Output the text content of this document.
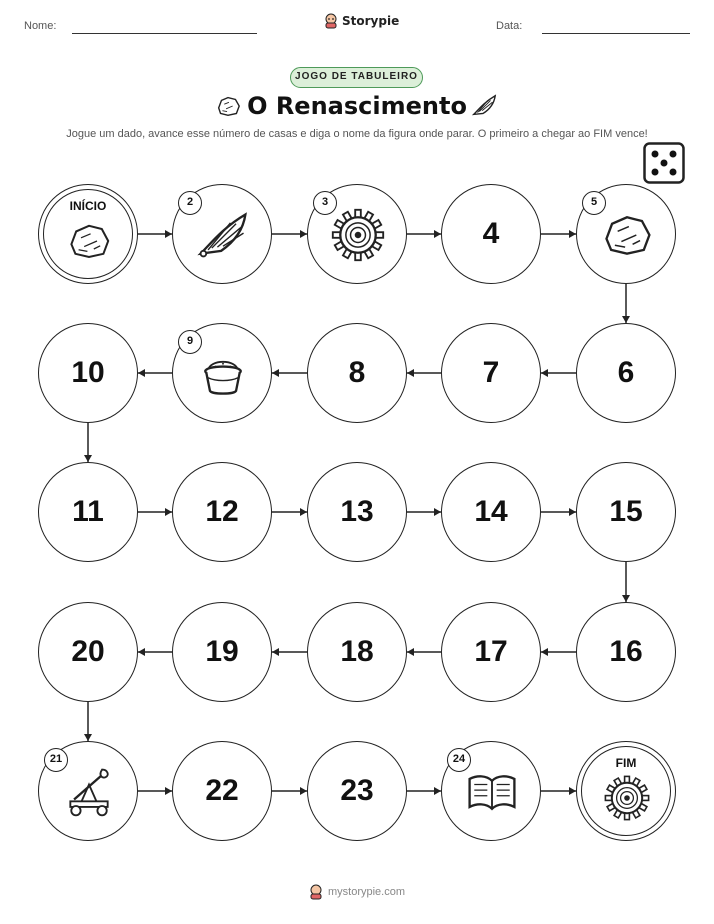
Nome:	Storypie	Data:
JOGO DE TABULEIRO
O Renascimento
Jogue um dado, avance esse número de casas e diga o nome da figura onde parar. O primeiro a chegar ao FIM vence!
INÍCIO	2	3
4
5
6
7
8
9
10
11	12	13	14	15
16
17
18
19
20
21
22	23
24	FIM
mystorypie.com
